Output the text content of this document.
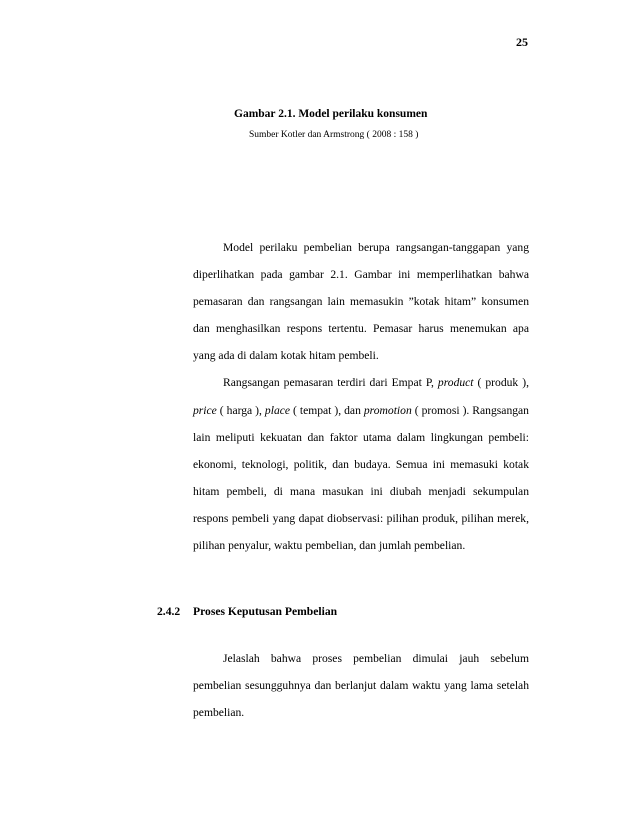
25
Gambar 2.1. Model perilaku konsumen
Sumber Kotler dan Armstrong ( 2008 : 158 )

Model perilaku pembelian berupa rangsangan-tanggapan yang diperlihatkan pada gambar 2.1. Gambar ini memperlihatkan bahwa pemasaran dan rangsangan lain memasukin ”kotak hitam” konsumen dan menghasilkan respons tertentu. Pemasar harus menemukan apa yang ada di dalam kotak hitam pembeli.

Rangsangan pemasaran terdiri dari Empat P, product ( produk ), price ( harga ), place ( tempat ), dan promotion ( promosi ). Rangsangan lain meliputi kekuatan dan faktor utama dalam lingkungan pembeli: ekonomi, teknologi, politik, dan budaya. Semua ini memasuki kotak hitam pembeli, di mana masukan ini diubah menjadi sekumpulan respons pembeli yang dapat diobservasi: pilihan produk, pilihan merek, pilihan penyalur, waktu pembelian, dan jumlah pembelian.

2.4.2 Proses Keputusan Pembelian

Jelaslah bahwa proses pembelian dimulai jauh sebelum pembelian sesungguhnya dan berlanjut dalam waktu yang lama setelah pembelian.
